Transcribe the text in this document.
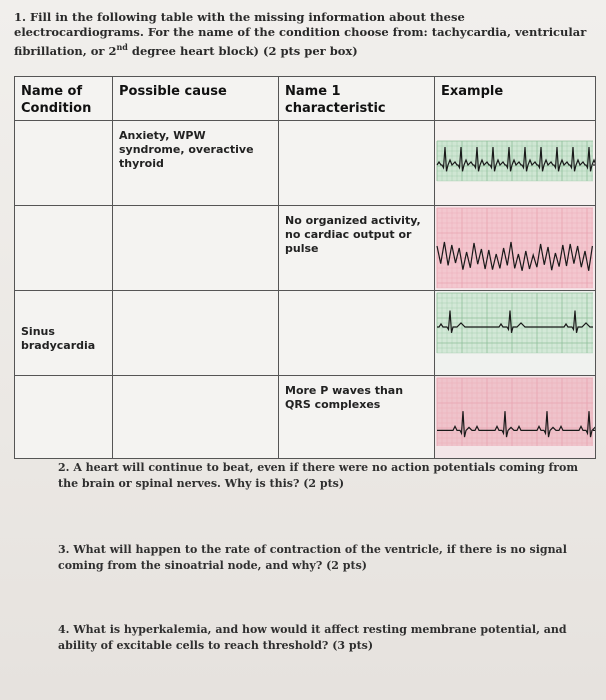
1. Fill in the following table with the missing information about these electrocardiograms. For the name of the condition choose from: tachycardia, ventricular fibrillation, or 2nd degree heart block) (2 pts per box)
Name of Condition	Possible cause	Name 1 characteristic	Example
	Anxiety, WPW syndrome, overactive thyroid		

		No organized activity, no cardiac output or pulse	

Sinus bradycardia			

		More P waves than QRS complexes	
2. A heart will continue to beat, even if there were no action potentials coming from the brain or spinal nerves. Why is this? (2 pts)
3. What will happen to the rate of contraction of the ventricle, if there is no signal coming from the sinoatrial node, and why? (2 pts)
4. What is hyperkalemia, and how would it affect resting membrane potential, and ability of excitable cells to reach threshold? (3 pts)
